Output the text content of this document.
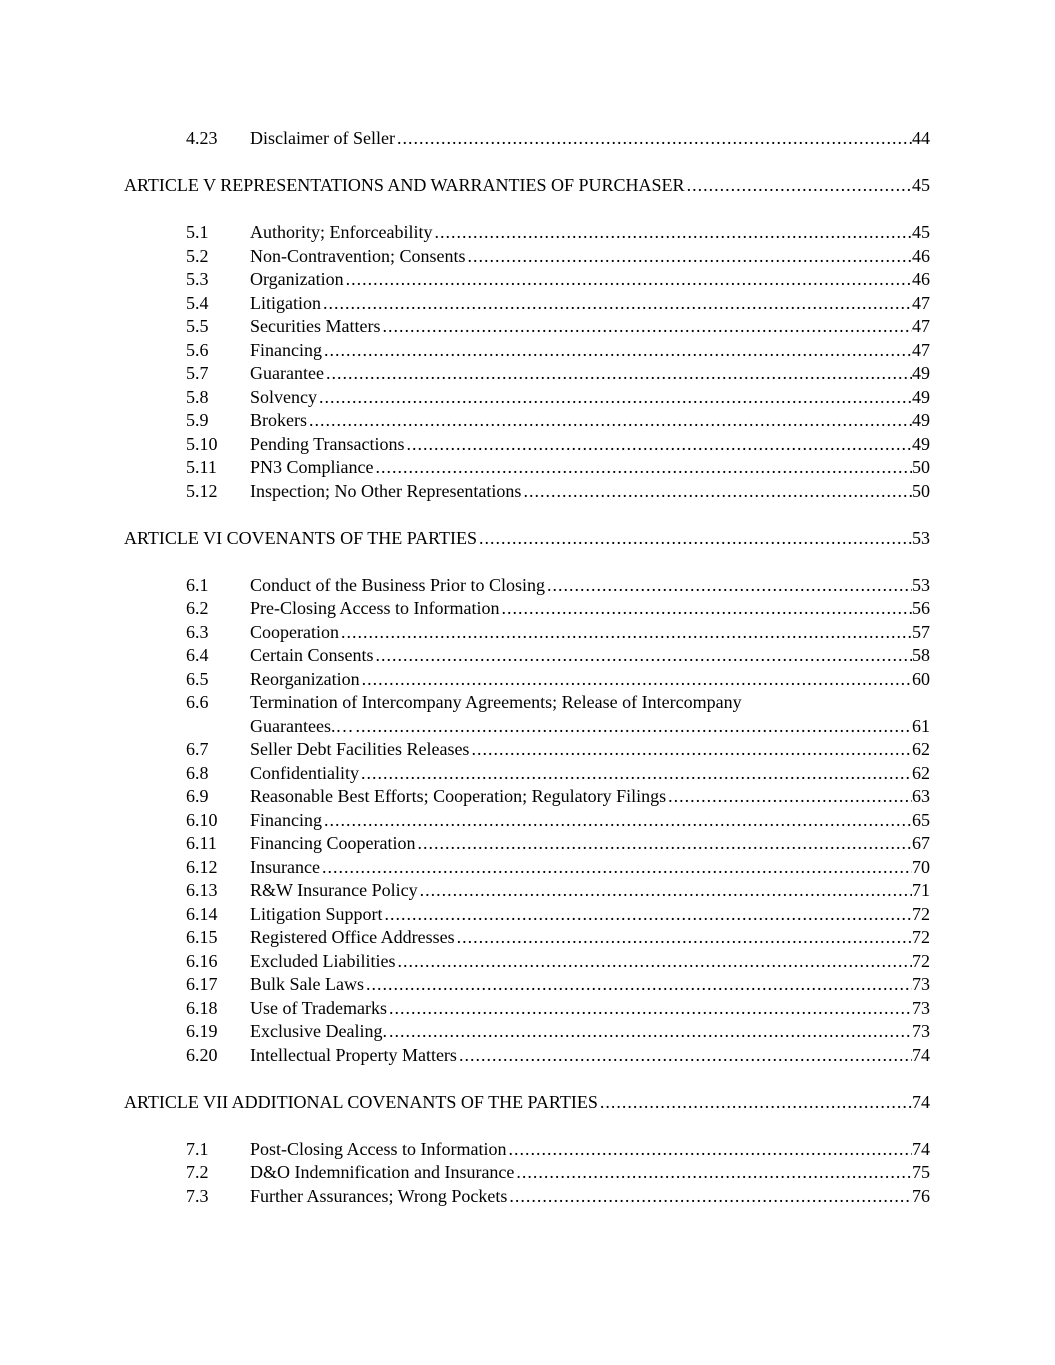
4.23	Disclaimer of Seller .....	44
ARTICLE V REPRESENTATIONS AND WARRANTIES OF PURCHASER .....	45
5.1	Authority; Enforceability .....	45
5.2	Non-Contravention; Consents .....	46
5.3	Organization .....	46
5.4	Litigation .....	47
5.5	Securities Matters .....	47
5.6	Financing .....	47
5.7	Guarantee .....	49
5.8	Solvency .....	49
5.9	Brokers .....	49
5.10	Pending Transactions .....	49
5.11	PN3 Compliance .....	50
5.12	Inspection; No Other Representations .....	50
ARTICLE VI COVENANTS OF THE PARTIES .....	53
6.1	Conduct of the Business Prior to Closing .....	53
6.2	Pre-Closing Access to Information .....	56
6.3	Cooperation .....	57
6.4	Certain Consents .....	58
6.5	Reorganization .....	60
6.6	Termination of Intercompany Agreements; Release of Intercompany
Guarantees.… .....	61
6.7	Seller Debt Facilities Releases .....	62
6.8	Confidentiality .....	62
6.9	Reasonable Best Efforts; Cooperation; Regulatory Filings .....	63
6.10	Financing .....	65
6.11	Financing Cooperation .....	67
6.12	Insurance .....	70
6.13	R&W Insurance Policy .....	71
6.14	Litigation Support .....	72
6.15	Registered Office Addresses .....	72
6.16	Excluded Liabilities .....	72
6.17	Bulk Sale Laws .....	73
6.18	Use of Trademarks .....	73
6.19	Exclusive Dealing. .....	73
6.20	Intellectual Property Matters .....	74
ARTICLE VII ADDITIONAL COVENANTS OF THE PARTIES .....	74
7.1	Post-Closing Access to Information .....	74
7.2	D&O Indemnification and Insurance .....	75
7.3	Further Assurances; Wrong Pockets .....	76
